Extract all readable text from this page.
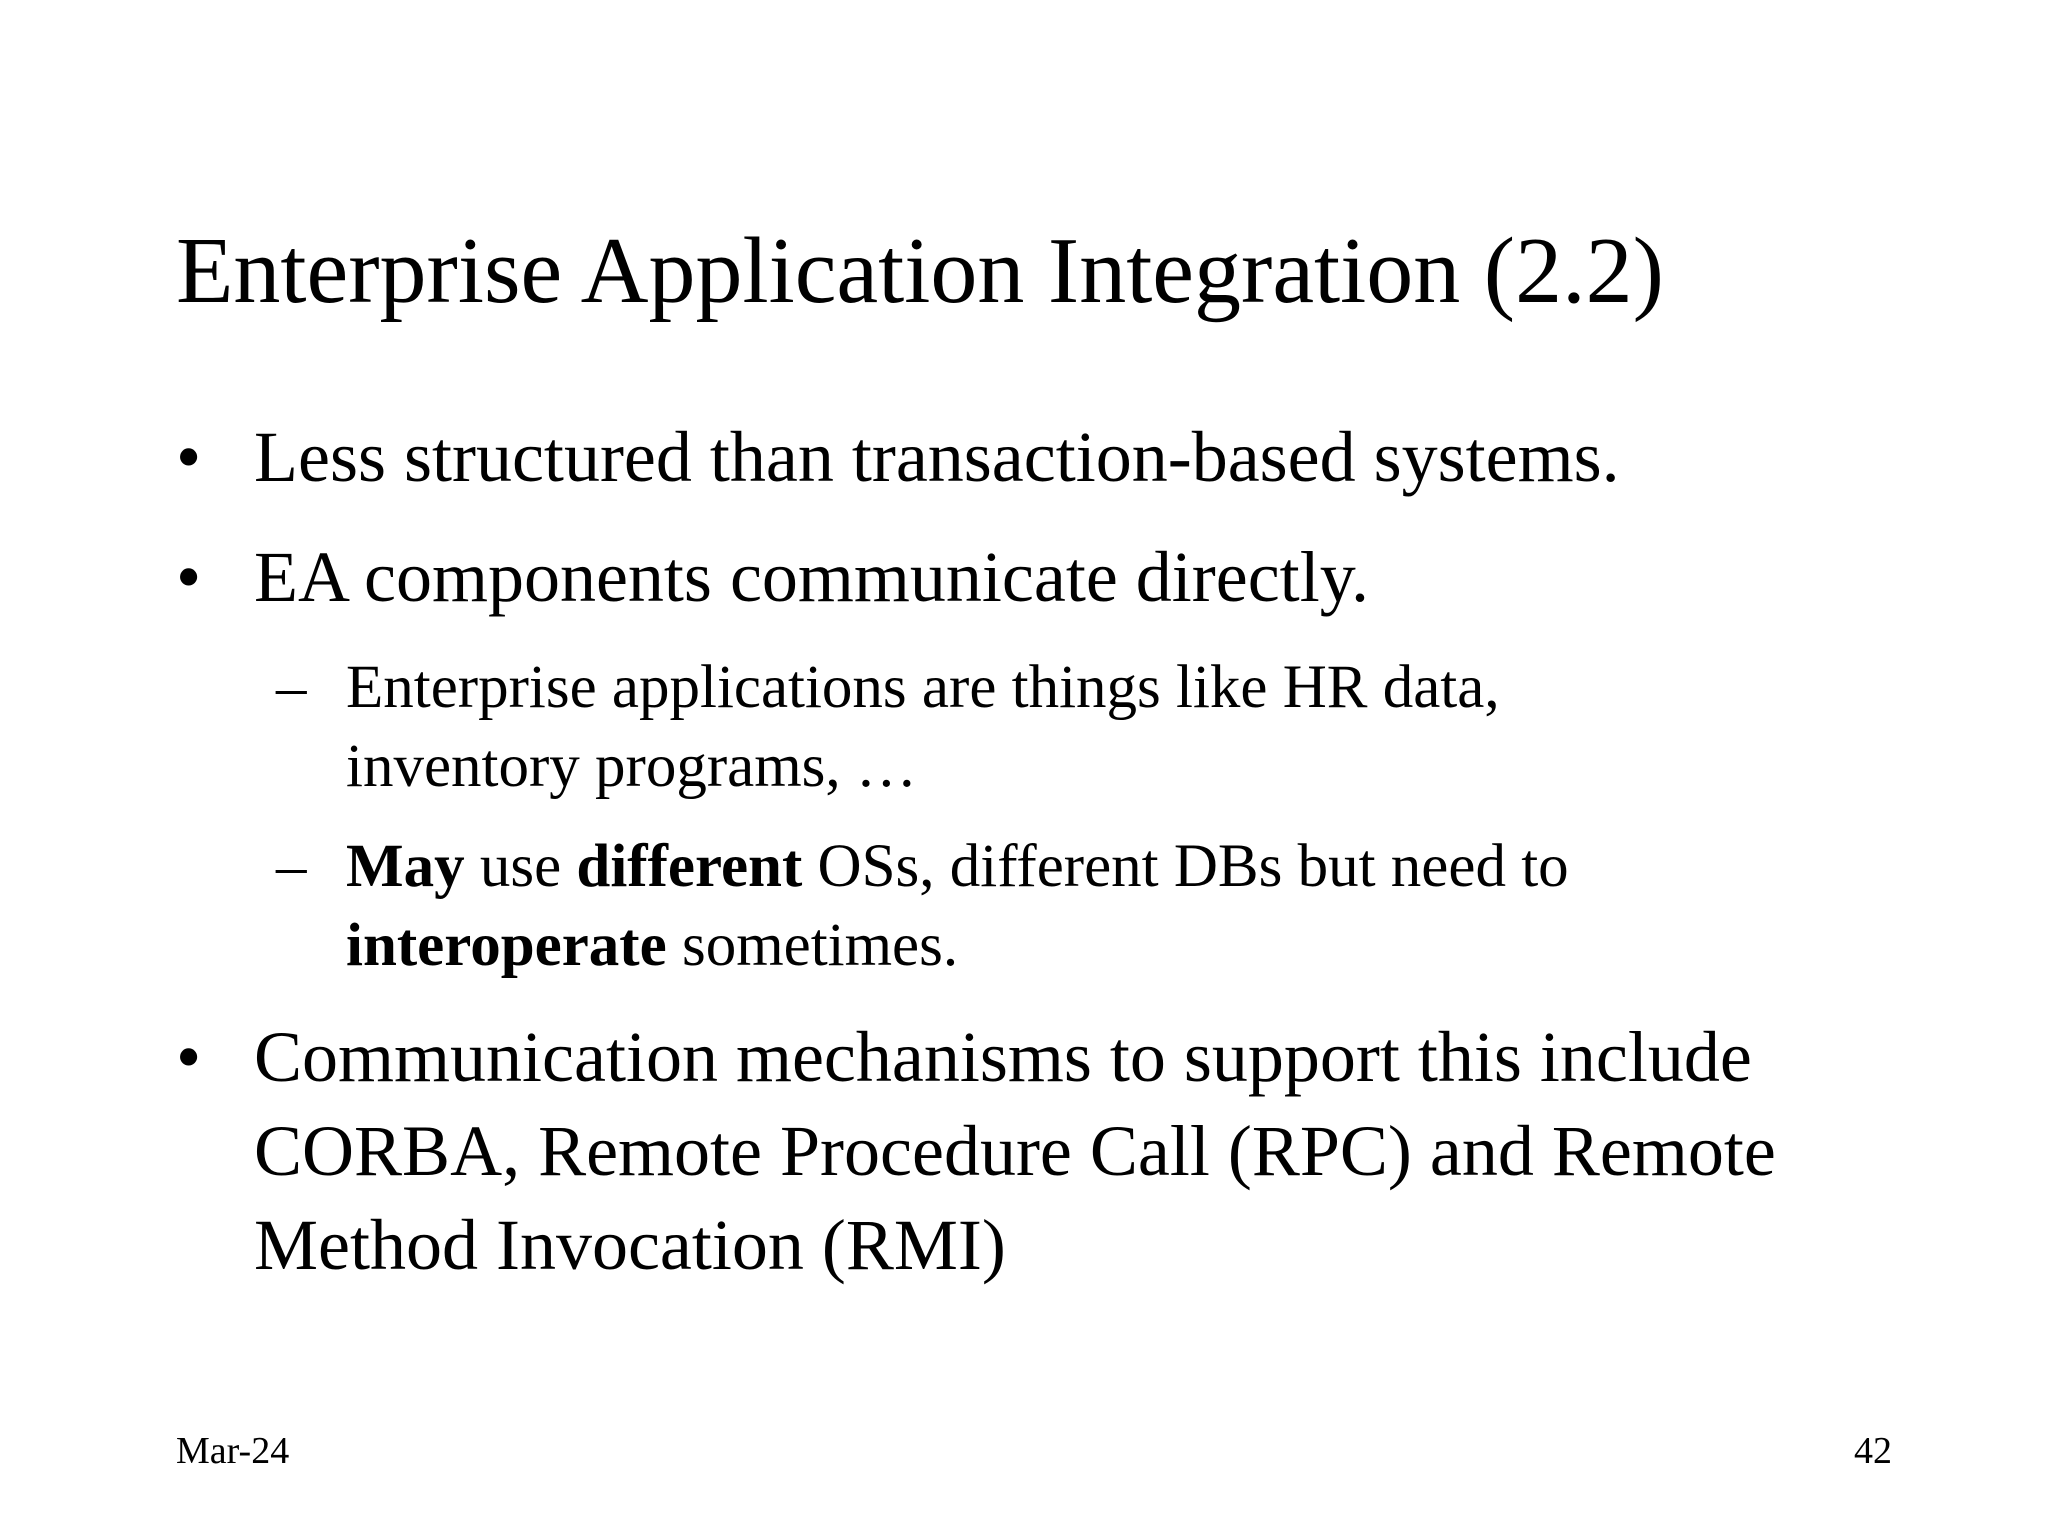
Enterprise Application Integration (2.2)
• Less structured than transaction-based systems.
• EA components communicate directly.
– Enterprise applications are things like HR data,
inventory programs, …
– May use different OSs, different DBs but need to
interoperate sometimes.
• Communication mechanisms to support this include CORBA, Remote Procedure Call (RPC) and Remote Method Invocation (RMI)
Mar-24	42
